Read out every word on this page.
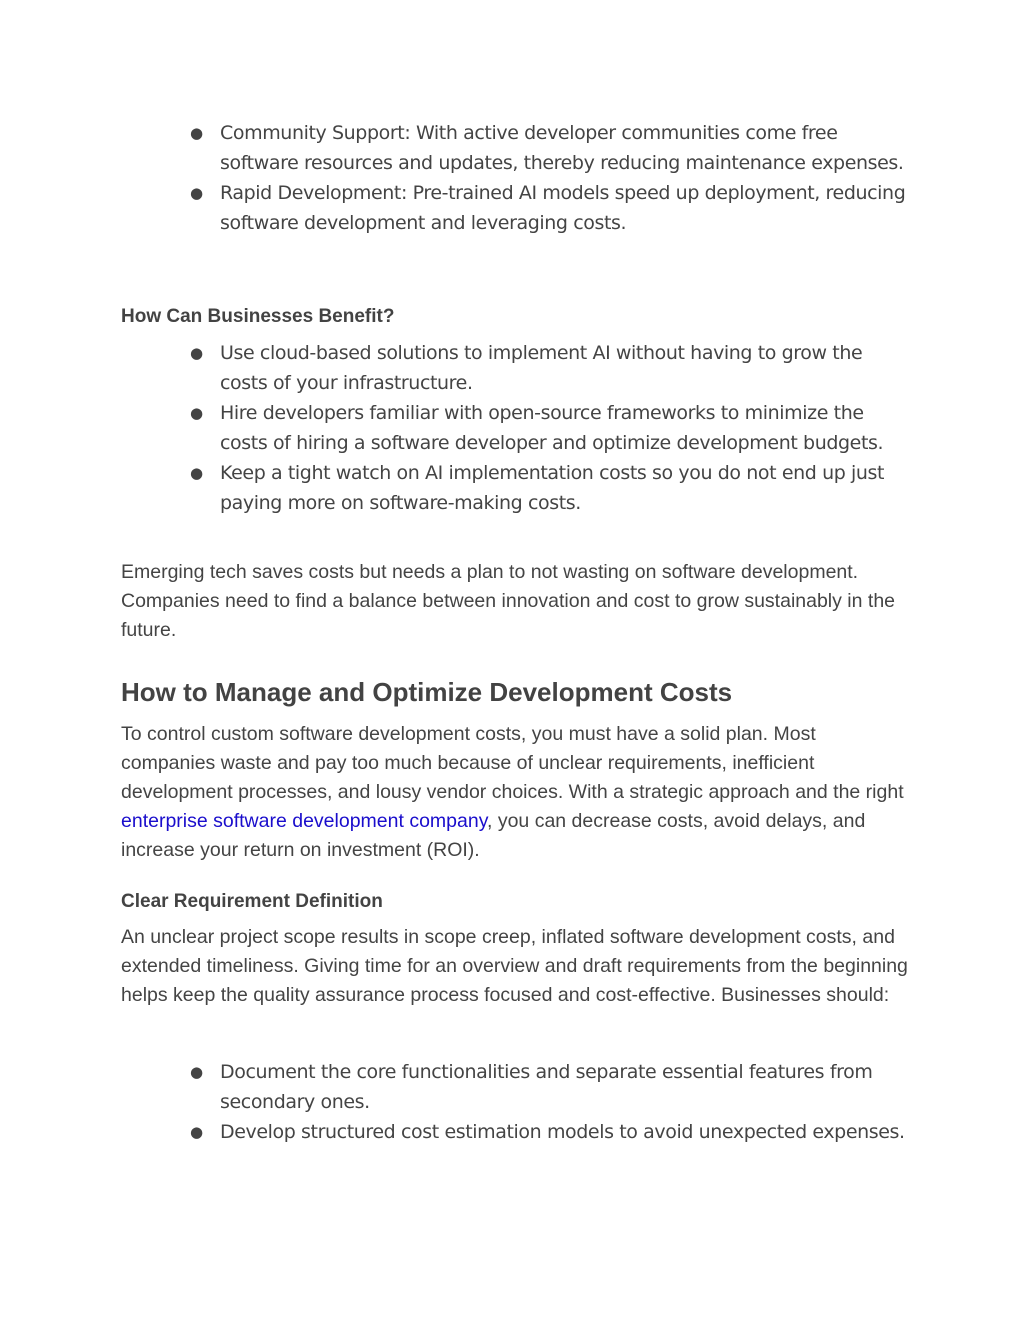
● Community Support: With active developer communities come free software resources and updates, thereby reducing maintenance expenses.
● Rapid Development: Pre-trained AI models speed up deployment, reducing software development and leveraging costs.
How Can Businesses Benefit?
● Use cloud-based solutions to implement AI without having to grow the costs of your infrastructure.
● Hire developers familiar with open-source frameworks to minimize the costs of hiring a software developer and optimize development budgets.
● Keep a tight watch on AI implementation costs so you do not end up just paying more on software-making costs.

Emerging tech saves costs but needs a plan to not wasting on software development. Companies need to find a balance between innovation and cost to grow sustainably in the future.

How to Manage and Optimize Development Costs

To control custom software development costs, you must have a solid plan. Most companies waste and pay too much because of unclear requirements, inefficient development processes, and lousy vendor choices. With a strategic approach and the right enterprise software development company, you can decrease costs, avoid delays, and increase your return on investment (ROI).

Clear Requirement Definition

An unclear project scope results in scope creep, inflated software development costs, and extended timeliness. Giving time for an overview and draft requirements from the beginning helps keep the quality assurance process focused and cost-effective. Businesses should:

● Document the core functionalities and separate essential features from secondary ones.
● Develop structured cost estimation models to avoid unexpected expenses.
